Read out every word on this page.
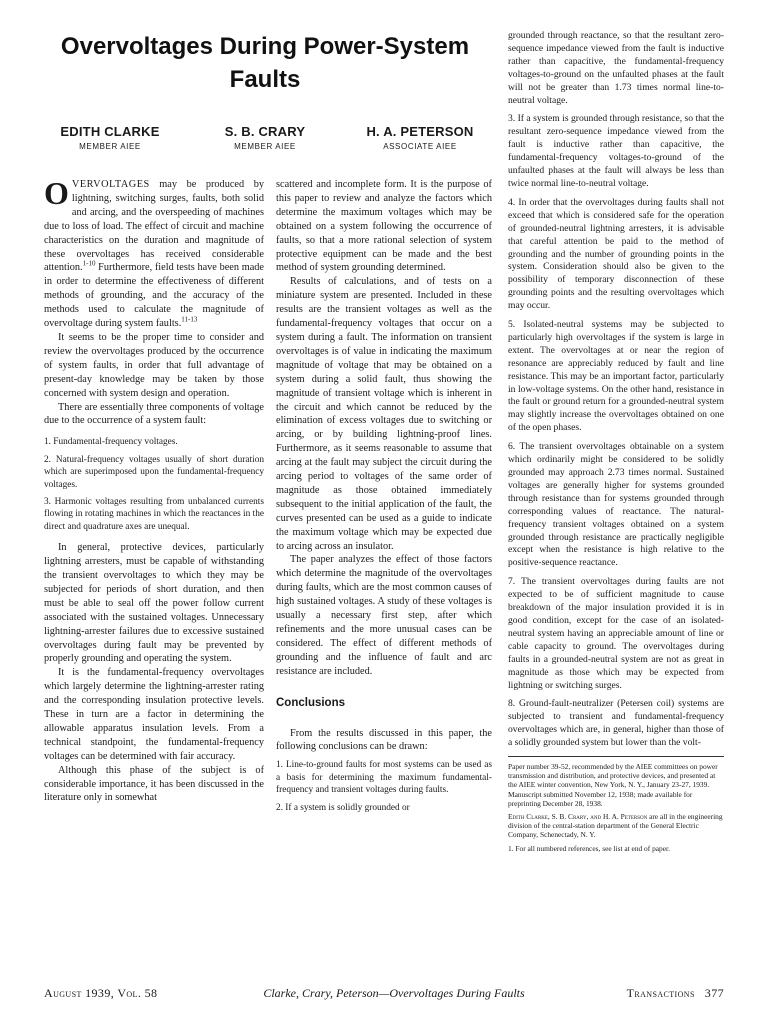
Overvoltages During Power-System Faults
EDITH CLARKE
MEMBER AIEE
S. B. CRARY
MEMBER AIEE
H. A. PETERSON
ASSOCIATE AIEE

OVERVOLTAGES may be produced by lightning, switching surges, faults, both solid and arcing, and the overspeeding of machines due to loss of load. The effect of circuit and machine characteristics on the duration and magnitude of these overvoltages has received considerable attention.$^{1-10}$ Furthermore, field tests have been made in order to determine the effectiveness of different methods of grounding, and the accuracy of the methods used to calculate the magnitude of overvoltage during system faults.$^{11-13}$

It seems to be the proper time to consider and review the overvoltages produced by the occurrence of system faults, in order that full advantage of present-day knowledge may be taken by those concerned with system design and operation.

There are essentially three components of voltage due to the occurrence of a system fault:

1. Fundamental-frequency voltages.

2. Natural-frequency voltages usually of short duration which are superimposed upon the fundamental-frequency voltages.

3. Harmonic voltages resulting from unbalanced currents flowing in rotating machines in which the reactances in the direct and quadrature axes are unequal.

In general, protective devices, particularly lightning arresters, must be capable of withstanding the transient overvoltages to which they may be subjected for periods of short duration, and then must be able to seal off the power follow current associated with the sustained voltages. Unnecessary lightning-arrester failures due to excessive sustained overvoltages during fault may be prevented by properly grounding and operating the system.

It is the fundamental-frequency overvoltages which largely determine the lightning-arrester rating and the corresponding insulation protective levels. These in turn are a factor in determining the allowable apparatus insulation levels. From a technical standpoint, the fundamental-frequency voltages can be determined with fair accuracy.

Although this phase of the subject is of considerable importance, it has been discussed in the literature only in somewhat

scattered and incomplete form. It is the purpose of this paper to review and analyze the factors which determine the maximum voltages which may be obtained on a system following the occurrence of faults, so that a more rational selection of system protective equipment can be made and the best method of system grounding determined.

Results of calculations, and of tests on a miniature system are presented. Included in these results are the transient voltages as well as the fundamental-frequency voltages that occur on a system during a fault. The information on transient overvoltages is of value in indicating the maximum magnitude of voltage that may be obtained on a system during a solid fault, thus showing the magnitude of transient voltage which is inherent in the circuit and which cannot be reduced by the elimination of excess voltages due to switching or arcing, or by building lightning-proof lines. Furthermore, as it seems reasonable to assume that arcing at the fault may subject the circuit during the arcing period to voltages of the same order of magnitude as those obtained immediately subsequent to the initial application of the fault, the curves presented can be used as a guide to indicate the maximum voltage which may be expected due to arcing across an insulator.

The paper analyzes the effect of those factors which determine the magnitude of the overvoltages during faults, which are the most common causes of high sustained voltages. A study of these voltages is usually a necessary first step, after which refinements and the more unusual cases can be considered. The effect of different methods of grounding and the influence of fault and arc resistance are included.

Conclusions

From the results discussed in this paper, the following conclusions can be drawn:

1. Line-to-ground faults for most systems can be used as a basis for determining the maximum fundamental-frequency and transient voltages during faults.

2. If a system is solidly grounded or

grounded through reactance, so that the resultant zero-sequence impedance viewed from the fault is inductive rather than capacitive, the fundamental-frequency voltages-to-ground on the unfaulted phases at the fault will not be greater than 1.73 times normal line-to-neutral voltage.

3. If a system is grounded through resistance, so that the resultant zero-sequence impedance viewed from the fault is inductive rather than capacitive, the fundamental-frequency voltages-to-ground of the unfaulted phases at the fault will always be less than twice normal line-to-neutral voltage.

4. In order that the overvoltages during faults shall not exceed that which is considered safe for the operation of grounded-neutral lightning arresters, it is advisable that careful attention be paid to the method of grounding and the number of grounding points in the system. Consideration should also be given to the possibility of temporary disconnection of these grounding points and the resulting overvoltages which may occur.

5. Isolated-neutral systems may be subjected to particularly high overvoltages if the system is large in extent. The overvoltages at or near the region of resonance are appreciably reduced by fault and line resistance. This may be an important factor, particularly in low-voltage systems. On the other hand, resistance in the fault or ground return for a grounded-neutral system may slightly increase the overvoltages obtained on one of the open phases.

6. The transient overvoltages obtainable on a system which ordinarily might be considered to be solidly grounded may approach 2.73 times normal. Sustained voltages are generally higher for systems grounded through resistance than for systems grounded through corresponding values of reactance. The natural-frequency transient voltages obtained on a system grounded through resistance are practically negligible except when the resistance is high relative to the positive-sequence reactance.

7. The transient overvoltages during faults are not expected to be of sufficient magnitude to cause breakdown of the major insulation provided it is in good condition, except for the case of an isolated-neutral system having an appreciable amount of line or cable capacity to ground. The overvoltages during faults in a grounded-neutral system are not as great in magnitude as those which may be expected from lightning or switching surges.

8. Ground-fault-neutralizer (Petersen coil) systems are subjected to transient and fundamental-frequency overvoltages which are, in general, higher than those of a solidly grounded system but lower than the volt-

Paper number 39-52, recommended by the AIEE committees on power transmission and distribution, and protective devices, and presented at the AIEE winter convention, New York, N. Y., January 23-27, 1939. Manuscript submitted November 12, 1938; made available for preprinting December 28, 1938.

Edith Clarke, S. B. Crary, and H. A. Peterson are all in the engineering division of the central-station department of the General Electric Company, Schenectady, N. Y.

1. For all numbered references, see list at end of paper.

August 1939, Vol. 58	Clarke, Crary, Peterson—Overvoltages During Faults	Transactions 377
